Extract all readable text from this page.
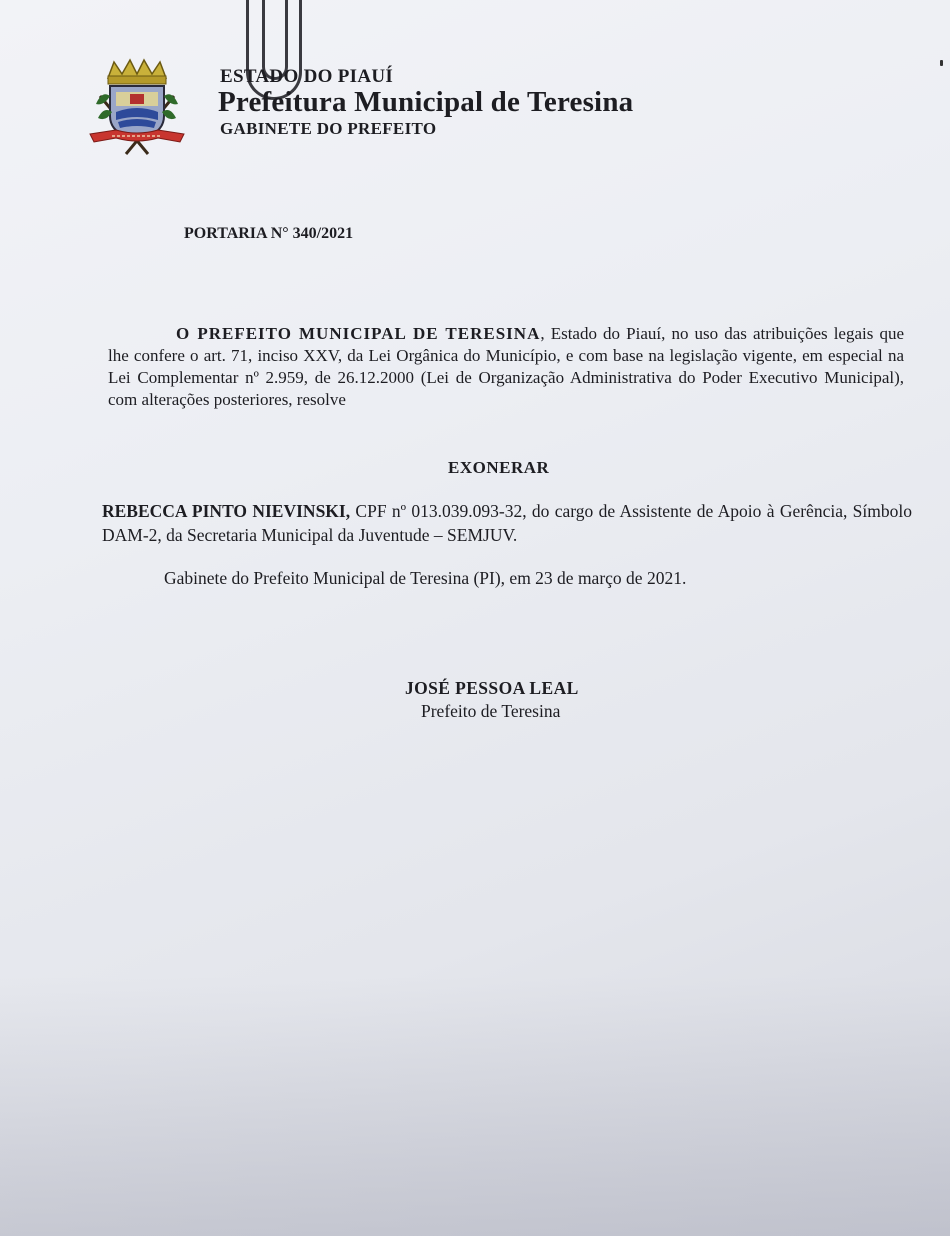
ESTADO DO PIAUÍ
Prefeitura Municipal de Teresina
GABINETE DO PREFEITO
PORTARIA N° 340/2021
O PREFEITO MUNICIPAL DE TERESINA, Estado do Piauí, no uso das atribuições legais que lhe confere o art. 71, inciso XXV, da Lei Orgânica do Município, e com base na legislação vigente, em especial na Lei Complementar nº 2.959, de 26.12.2000 (Lei de Organização Administrativa do Poder Executivo Municipal), com alterações posteriores, resolve
EXONERAR
REBECCA PINTO NIEVINSKI, CPF nº 013.039.093-32, do cargo de Assistente de Apoio à Gerência, Símbolo DAM-2, da Secretaria Municipal da Juventude – SEMJUV.
Gabinete do Prefeito Municipal de Teresina (PI), em 23 de março de 2021.
JOSÉ PESSOA LEAL
Prefeito de Teresina
